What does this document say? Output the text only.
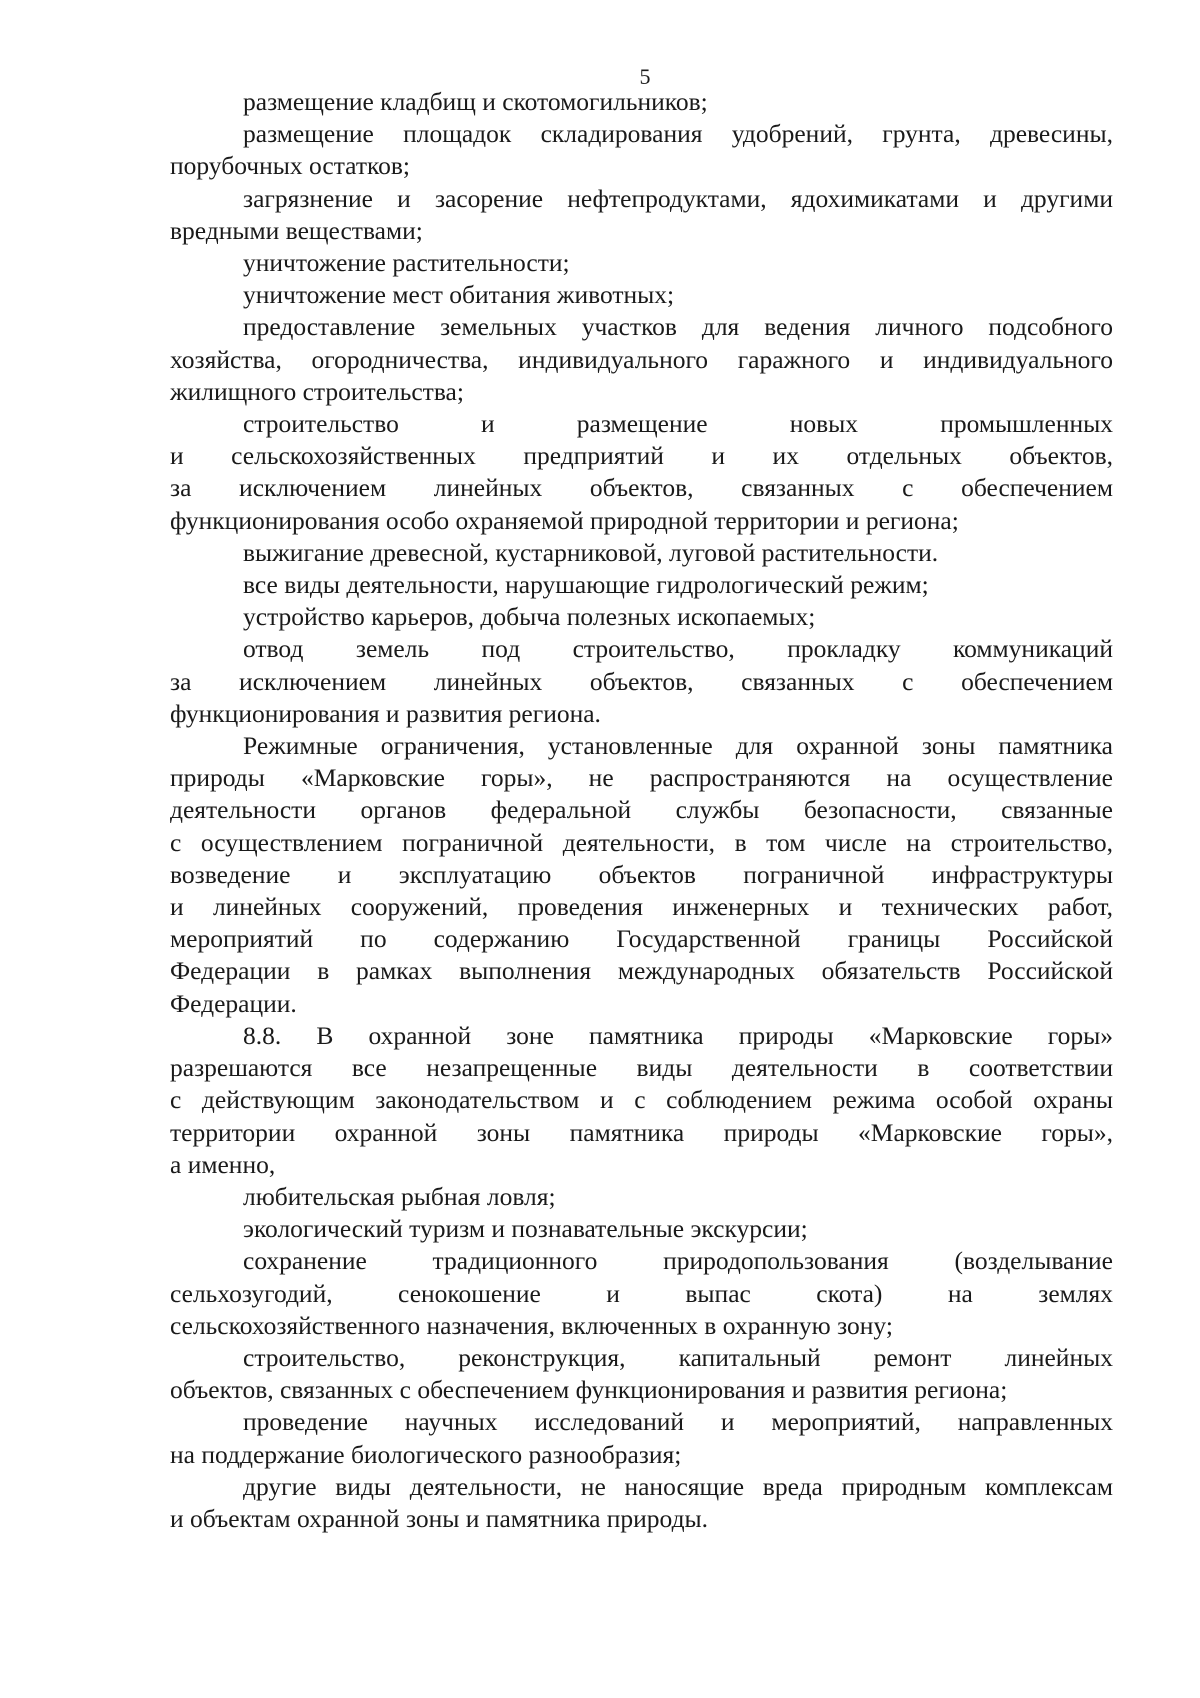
5
размещение кладбищ и скотомогильников;
размещение площадок складирования удобрений, грунта, древесины,
порубочных остатков;
загрязнение и засорение нефтепродуктами, ядохимикатами и другими
вредными веществами;
уничтожение растительности;
уничтожение мест обитания животных;
предоставление земельных участков для ведения личного подсобного
хозяйства, огородничества, индивидуального гаражного и индивидуального
жилищного строительства;
строительство и размещение новых промышленных
и сельскохозяйственных предприятий и их отдельных объектов,
за исключением линейных объектов, связанных с обеспечением
функционирования особо охраняемой природной территории и региона;
выжигание древесной, кустарниковой, луговой растительности.
все виды деятельности, нарушающие гидрологический режим;
устройство карьеров, добыча полезных ископаемых;
отвод земель под строительство, прокладку коммуникаций
за исключением линейных объектов, связанных с обеспечением
функционирования и развития региона.
Режимные ограничения, установленные для охранной зоны памятника
природы «Марковские горы», не распространяются на осуществление
деятельности органов федеральной службы безопасности, связанные
с осуществлением пограничной деятельности, в том числе на строительство,
возведение и эксплуатацию объектов пограничной инфраструктуры
и линейных сооружений, проведения инженерных и технических работ,
мероприятий по содержанию Государственной границы Российской
Федерации в рамках выполнения международных обязательств Российской
Федерации.
8.8. В охранной зоне памятника природы «Марковские горы»
разрешаются все незапрещенные виды деятельности в соответствии
с действующим законодательством и с соблюдением режима особой охраны
территории охранной зоны памятника природы «Марковские горы»,
а именно,
любительская рыбная ловля;
экологический туризм и познавательные экскурсии;
сохранение традиционного природопользования (возделывание
сельхозугодий, сенокошение и выпас скота) на землях
сельскохозяйственного назначения, включенных в охранную зону;
строительство, реконструкция, капитальный ремонт линейных
объектов, связанных с обеспечением функционирования и развития региона;
проведение научных исследований и мероприятий, направленных
на поддержание биологического разнообразия;
другие виды деятельности, не наносящие вреда природным комплексам
и объектам охранной зоны и памятника природы.
